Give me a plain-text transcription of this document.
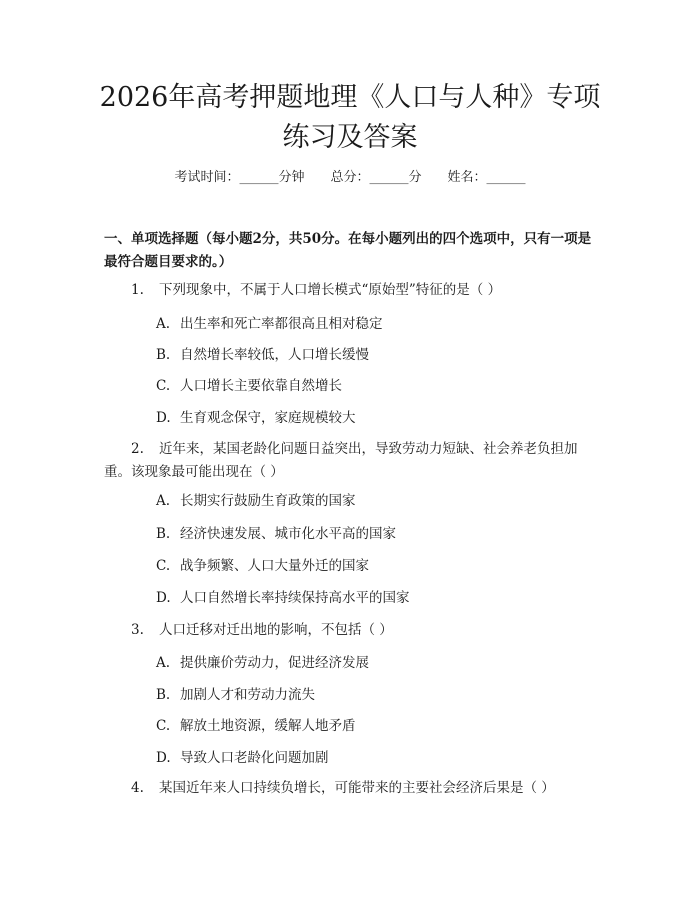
2026年高考押题地理《人口与人种》专项练习及答案
考试时间：______分钟 总分：______分 姓名：______

一、单项选择题（每小题2分，共50分。在每小题列出的四个选项中，只有一项是最符合题目要求的。）

1. 下列现象中，不属于人口增长模式“原始型”特征的是（ ）

A. 出生率和死亡率都很高且相对稳定

B. 自然增长率较低，人口增长缓慢

C. 人口增长主要依靠自然增长

D. 生育观念保守，家庭规模较大

2. 近年来，某国老龄化问题日益突出，导致劳动力短缺、社会养老负担加重。该现象最可能出现在（ ）

A. 长期实行鼓励生育政策的国家

B. 经济快速发展、城市化水平高的国家

C. 战争频繁、人口大量外迁的国家

D. 人口自然增长率持续保持高水平的国家

3. 人口迁移对迁出地的影响，不包括（ ）

A. 提供廉价劳动力，促进经济发展

B. 加剧人才和劳动力流失

C. 解放土地资源，缓解人地矛盾

D. 导致人口老龄化问题加剧

4. 某国近年来人口持续负增长，可能带来的主要社会经济后果是（ ）
